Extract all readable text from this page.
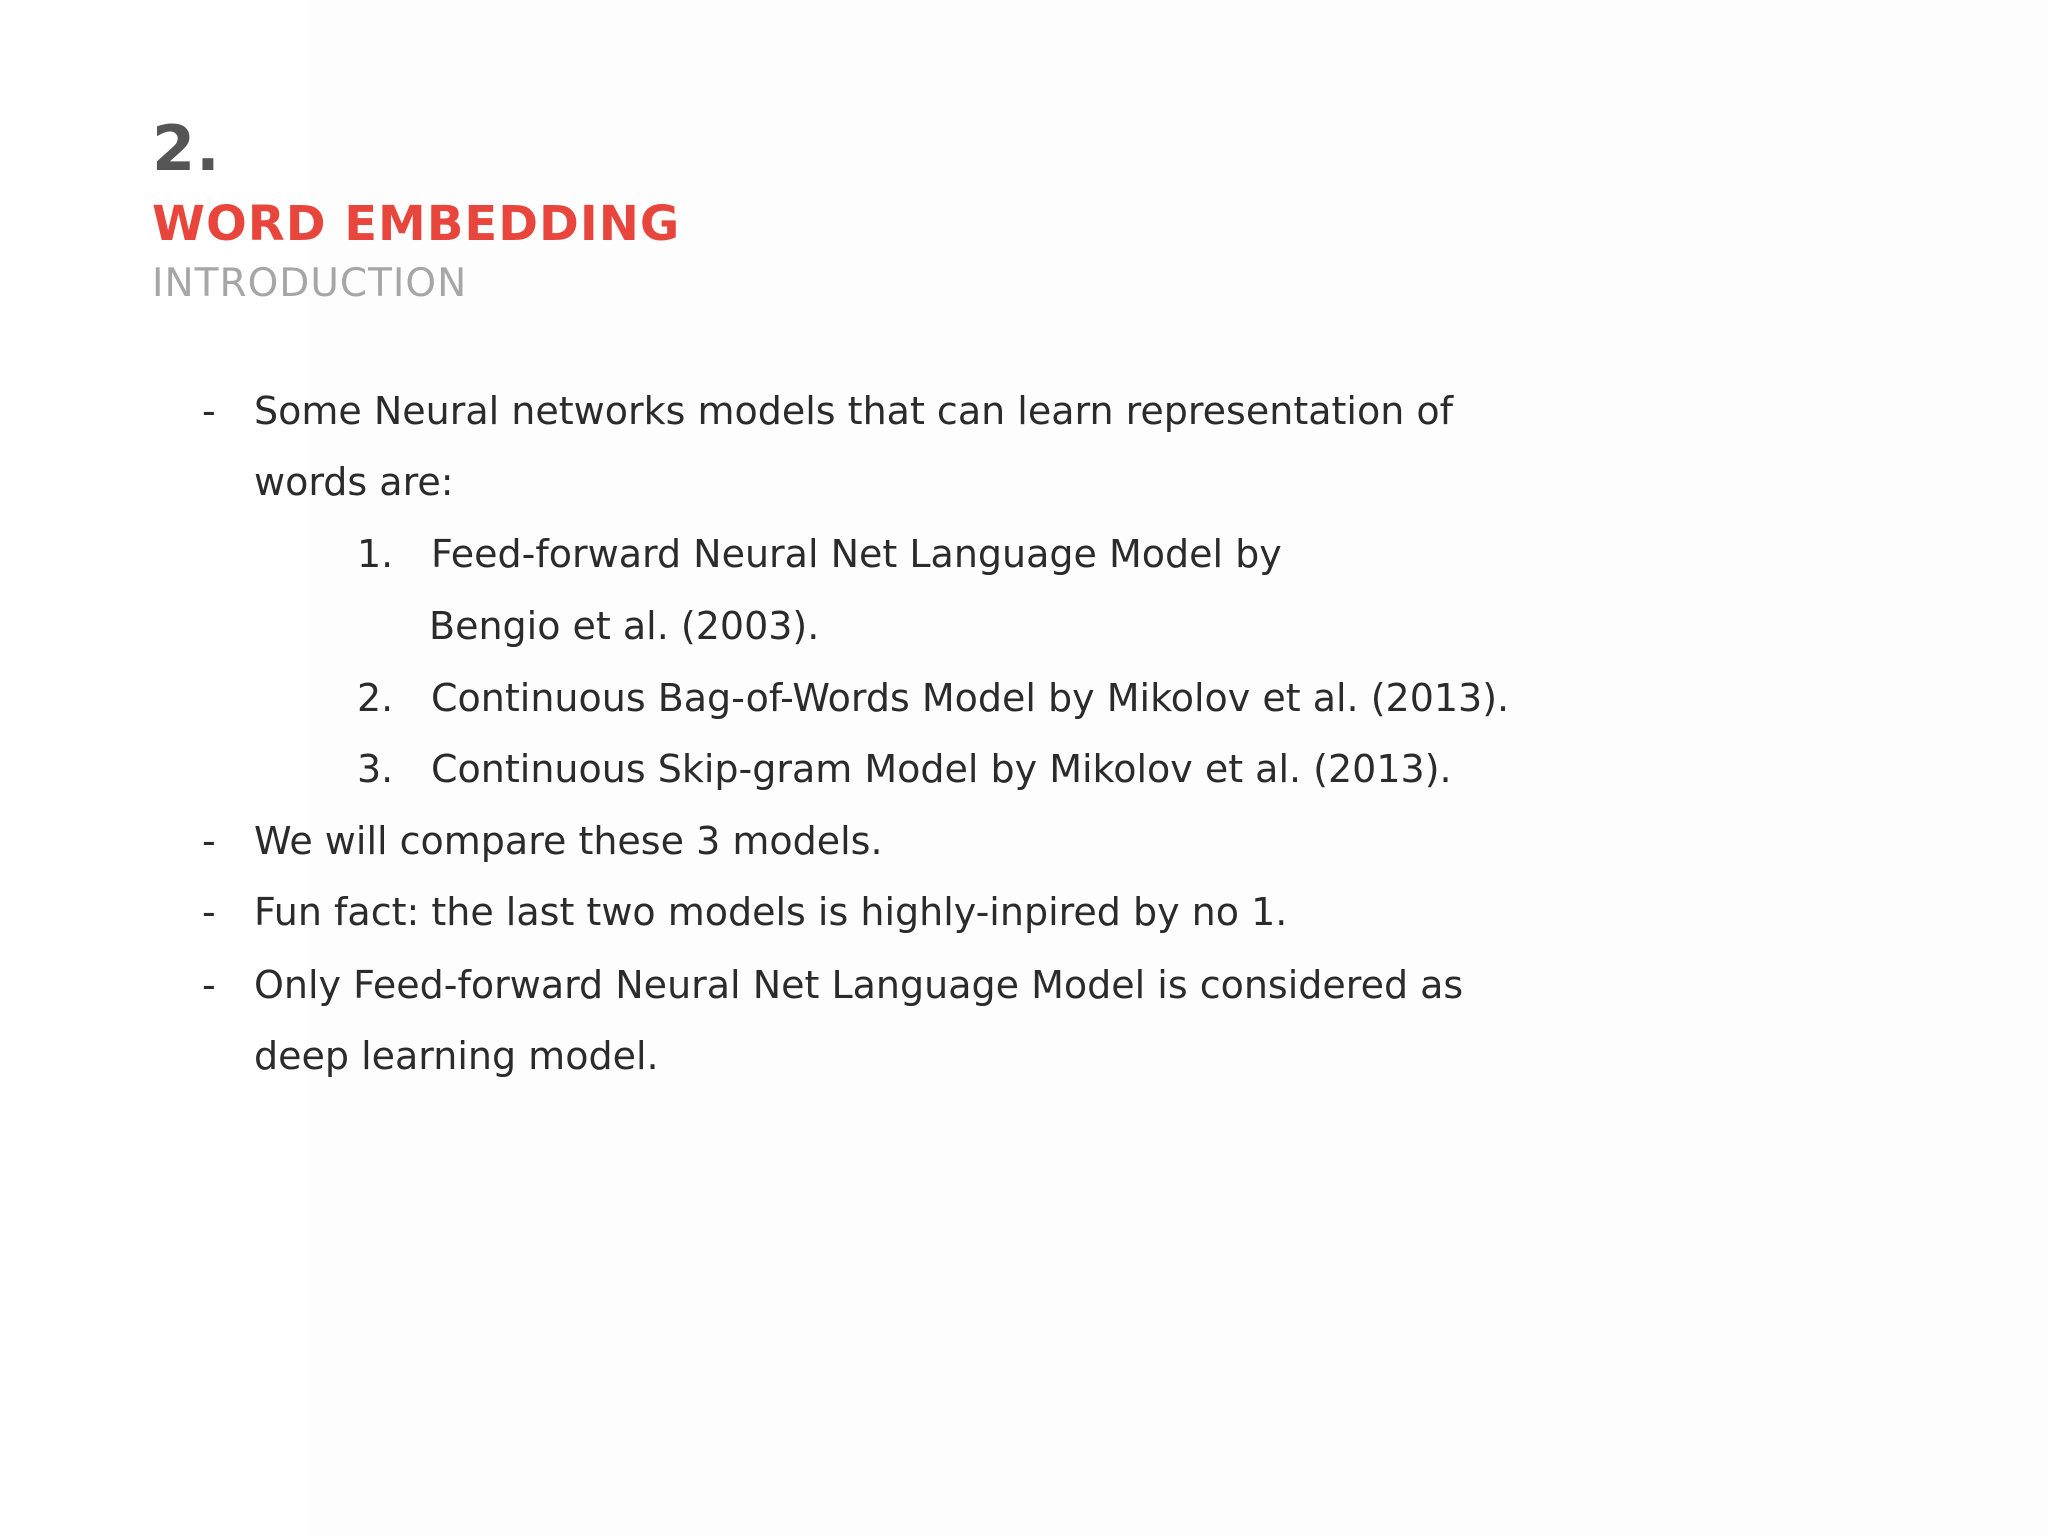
2.
WORD EMBEDDING
INTRODUCTION
- Some Neural networks models that can learn representation of
words are:
1. Feed-forward Neural Net Language Model by
Bengio et al. (2003).
2. Continuous Bag-of-Words Model by Mikolov et al. (2013).
3. Continuous Skip-gram Model by Mikolov et al. (2013).
- We will compare these 3 models.
- Fun fact: the last two models is highly-inpired by no 1.
- Only Feed-forward Neural Net Language Model is considered as
deep learning model.
